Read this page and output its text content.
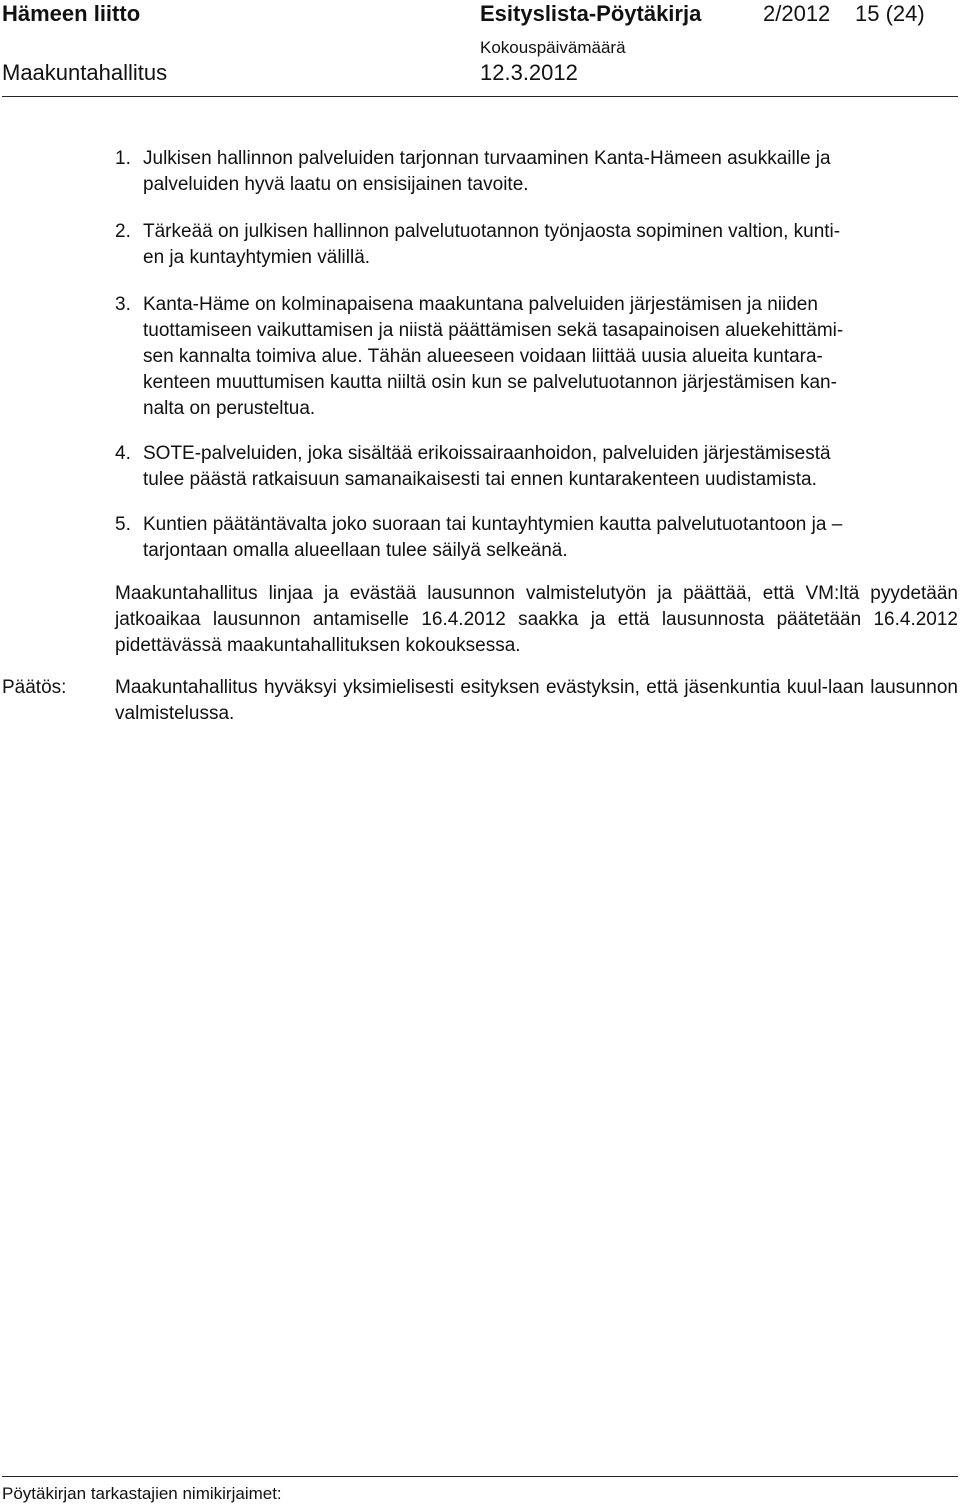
Hämeen liitto	Esityslista-Pöytäkirja	2/2012 15 (24)
Maakuntahallitus
Kokouspäivämäärä
12.3.2012
1. Julkisen hallinnon palveluiden tarjonnan turvaaminen Kanta-Hämeen asukkaille ja
palveluiden hyvä laatu on ensisijainen tavoite.
2. Tärkeää on julkisen hallinnon palvelutuotannon työnjaosta sopiminen valtion, kunti-
en ja kuntayhtymien välillä.
3. Kanta-Häme on kolminapaisena maakuntana palveluiden järjestämisen ja niiden
tuottamiseen vaikuttamisen ja niistä päättämisen sekä tasapainoisen aluekehittämi-
sen kannalta toimiva alue. Tähän alueeseen voidaan liittää uusia alueita kuntara-
kenteen muuttumisen kautta niiltä osin kun se palvelutuotannon järjestämisen kan-
nalta on perusteltua.
4. SOTE-palveluiden, joka sisältää erikoissairaanhoidon, palveluiden järjestämisestä
tulee päästä ratkaisuun samanaikaisesti tai ennen kuntarakenteen uudistamista.
5. Kuntien päätäntävalta joko suoraan tai kuntayhtymien kautta palvelutuotantoon ja –
tarjontaan omalla alueellaan tulee säilyä selkeänä.
Maakuntahallitus linjaa ja evästää lausunnon valmistelutyön ja päättää, että VM:ltä pyydetään jatkoaikaa lausunnon antamiselle 16.4.2012 saakka ja että lausunnosta päätetään 16.4.2012 pidettävässä maakuntahallituksen kokouksessa.
Päätös:	Maakuntahallitus hyväksyi yksimielisesti esityksen evästyksin, että jäsenkuntia kuul-laan lausunnon valmistelussa.
Pöytäkirjan tarkastajien nimikirjaimet:
